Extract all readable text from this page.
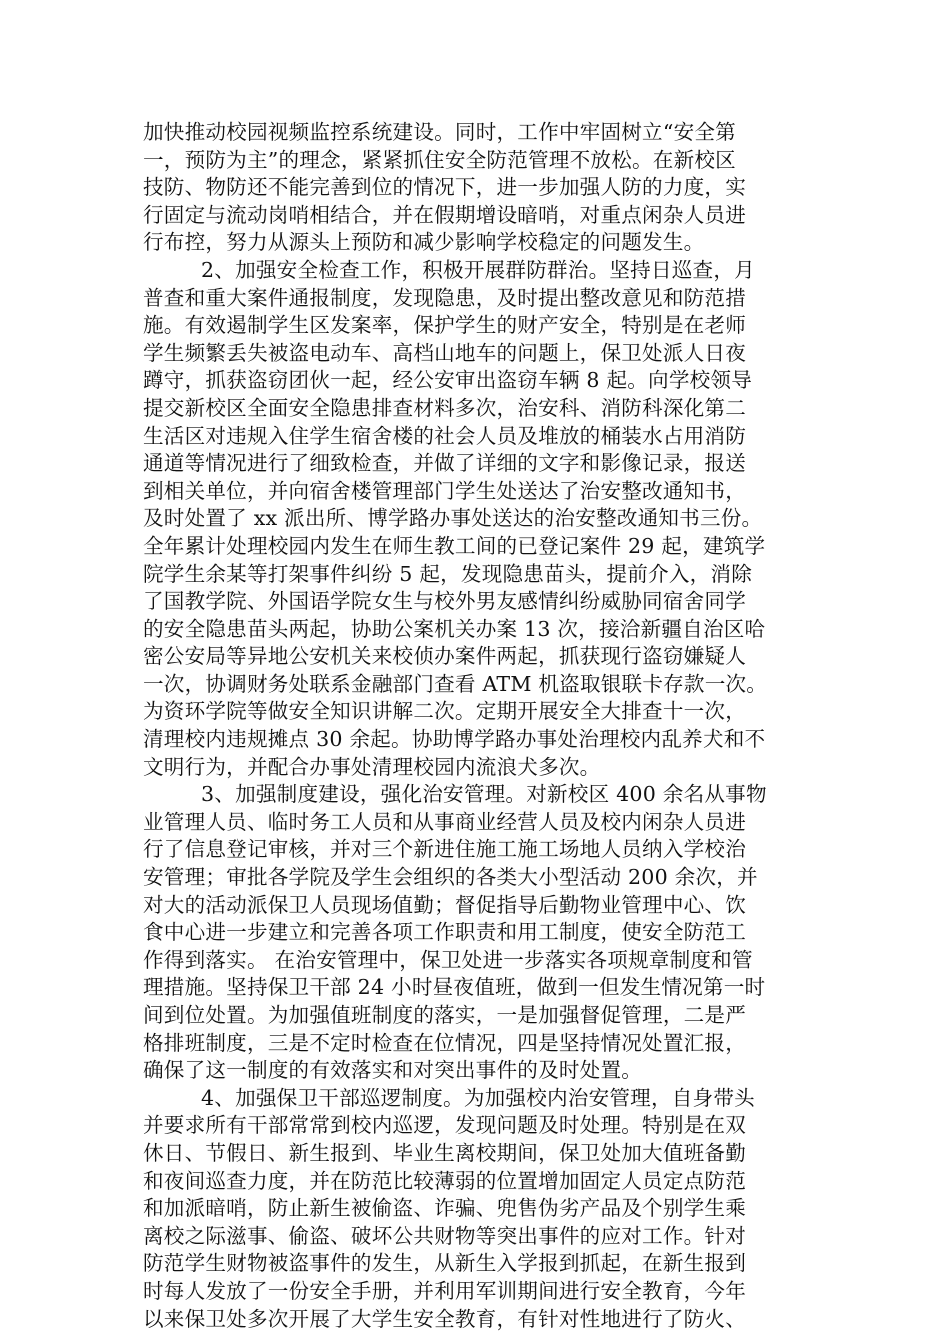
加快推动校园视频监控系统建设。同时，工作中牢固树立“安全第
一，预防为主”的理念，紧紧抓住安全防范管理不放松。在新校区
技防、物防还不能完善到位的情况下，进一步加强人防的力度，实
行固定与流动岗哨相结合，并在假期增设暗哨，对重点闲杂人员进
行布控，努力从源头上预防和减少影响学校稳定的问题发生。
2、加强安全检查工作，积极开展群防群治。坚持日巡查，月
普查和重大案件通报制度，发现隐患，及时提出整改意见和防范措
施。有效遏制学生区发案率，保护学生的财产安全，特别是在老师
学生频繁丢失被盗电动车、高档山地车的问题上，保卫处派人日夜
蹲守，抓获盗窃团伙一起，经公安审出盗窃车辆 8 起。向学校领导
提交新校区全面安全隐患排查材料多次，治安科、消防科深化第二
生活区对违规入住学生宿舍楼的社会人员及堆放的桶装水占用消防
通道等情况进行了细致检查，并做了详细的文字和影像记录，报送
到相关单位，并向宿舍楼管理部门学生处送达了治安整改通知书，
及时处置了 xx 派出所、博学路办事处送达的治安整改通知书三份。
全年累计处理校园内发生在师生教工间的已登记案件 29 起，建筑学
院学生余某等打架事件纠纷 5 起，发现隐患苗头，提前介入，消除
了国教学院、外国语学院女生与校外男友感情纠纷威胁同宿舍同学
的安全隐患苗头两起，协助公案机关办案 13 次，接洽新疆自治区哈
密公安局等异地公安机关来校侦办案件两起，抓获现行盗窃嫌疑人
一次，协调财务处联系金融部门查看 ATM 机盗取银联卡存款一次。
为资环学院等做安全知识讲解二次。定期开展安全大排查十一次，
清理校内违规摊点 30 余起。协助博学路办事处治理校内乱养犬和不
文明行为，并配合办事处清理校园内流浪犬多次。
3、加强制度建设，强化治安管理。对新校区 400 余名从事物
业管理人员、临时务工人员和从事商业经营人员及校内闲杂人员进
行了信息登记审核，并对三个新进住施工施工场地人员纳入学校治
安管理；审批各学院及学生会组织的各类大小型活动 200 余次，并
对大的活动派保卫人员现场值勤；督促指导后勤物业管理中心、饮
食中心进一步建立和完善各项工作职责和用工制度，使安全防范工
作得到落实。 在治安管理中，保卫处进一步落实各项规章制度和管
理措施。坚持保卫干部 24 小时昼夜值班，做到一但发生情况第一时
间到位处置。为加强值班制度的落实，一是加强督促管理，二是严
格排班制度，三是不定时检查在位情况，四是坚持情况处置汇报，
确保了这一制度的有效落实和对突出事件的及时处置。
4、加强保卫干部巡逻制度。为加强校内治安管理，自身带头
并要求所有干部常常到校内巡逻，发现问题及时处理。特别是在双
休日、节假日、新生报到、毕业生离校期间，保卫处加大值班备勤
和夜间巡查力度，并在防范比较薄弱的位置增加固定人员定点防范
和加派暗哨，防止新生被偷盗、诈骗、兜售伪劣产品及个别学生乘
离校之际滋事、偷盗、破坏公共财物等突出事件的应对工作。针对
防范学生财物被盗事件的发生，从新生入学报到抓起，在新生报到
时每人发放了一份安全手册，并利用军训期间进行安全教育，今年
以来保卫处多次开展了大学生安全教育，有针对性地进行了防火、
